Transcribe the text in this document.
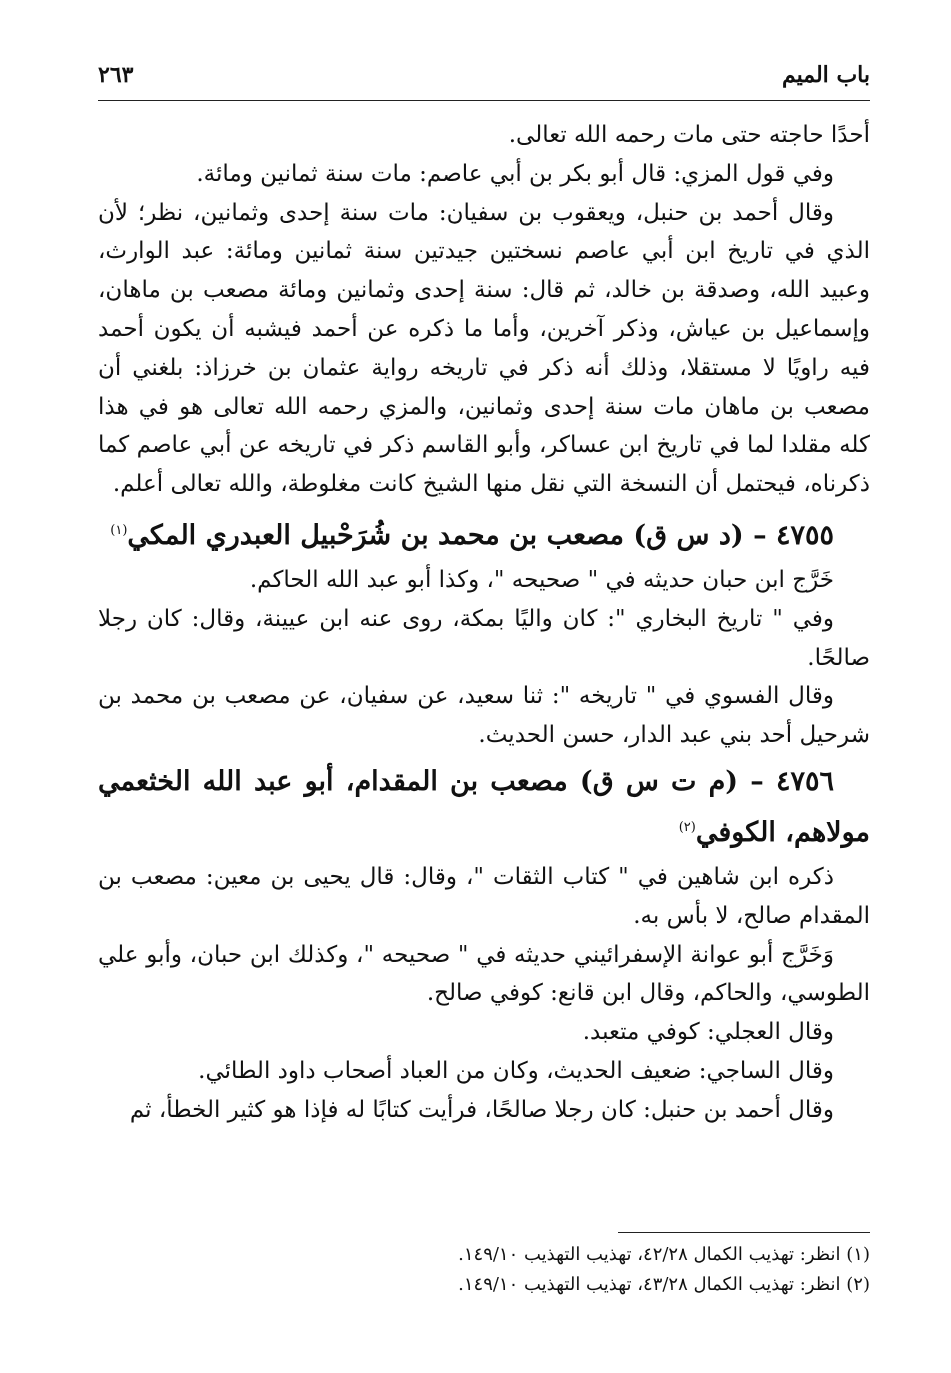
باب الميم
٢٦٣

أحدًا حاجته حتى مات رحمه الله تعالى.

وفي قول المزي: قال أبو بكر بن أبي عاصم: مات سنة ثمانين ومائة.

وقال أحمد بن حنبل، ويعقوب بن سفيان: مات سنة إحدى وثمانين، نظر؛ لأن الذي في تاريخ ابن أبي عاصم نسختين جيدتين سنة ثمانين ومائة: عبد الوارث، وعبيد الله، وصدقة بن خالد، ثم قال: سنة إحدى وثمانين ومائة مصعب بن ماهان، وإسماعيل بن عياش، وذكر آخرين، وأما ما ذكره عن أحمد فيشبه أن يكون أحمد فيه راويًا لا مستقلا، وذلك أنه ذكر في تاريخه رواية عثمان بن خرزاذ: بلغني أن مصعب بن ماهان مات سنة إحدى وثمانين، والمزي رحمه الله تعالى هو في هذا كله مقلدا لما في تاريخ ابن عساكر، وأبو القاسم ذكر في تاريخه عن أبي عاصم كما ذكرناه، فيحتمل أن النسخة التي نقل منها الشيخ كانت مغلوطة، والله تعالى أعلم.

٤٧٥٥ – (د س ق) مصعب بن محمد بن شُرَحْبيل العبدري المكي$^{(١)}$

خَرَّج ابن حبان حديثه في " صحيحه "، وكذا أبو عبد الله الحاكم.

وفي " تاريخ البخاري ": كان واليًا بمكة، روى عنه ابن عيينة، وقال: كان رجلا صالحًا.

وقال الفسوي في " تاريخه ": ثنا سعيد، عن سفيان، عن مصعب بن محمد بن شرحيل أحد بني عبد الدار، حسن الحديث.

٤٧٥٦ – (م ت س ق) مصعب بن المقدام، أبو عبد الله الخثعمي مولاهم، الكوفي$^{(٢)}$

ذكره ابن شاهين في " كتاب الثقات "، وقال: قال يحيى بن معين: مصعب بن المقدام صالح، لا بأس به.

وَخَرَّج أبو عوانة الإسفرائيني حديثه في " صحيحه "، وكذلك ابن حبان، وأبو علي الطوسي، والحاكم، وقال ابن قانع: كوفي صالح.

وقال العجلي: كوفي متعبد.

وقال الساجي: ضعيف الحديث، وكان من العباد أصحاب داود الطائي.

وقال أحمد بن حنبل: كان رجلا صالحًا، فرأيت كتابًا له فإذا هو كثير الخطأ، ثم

(١) انظر: تهذيب الكمال ٤٢/٢٨، تهذيب التهذيب ١٤٩/١٠.

(٢) انظر: تهذيب الكمال ٤٣/٢٨، تهذيب التهذيب ١٤٩/١٠.
